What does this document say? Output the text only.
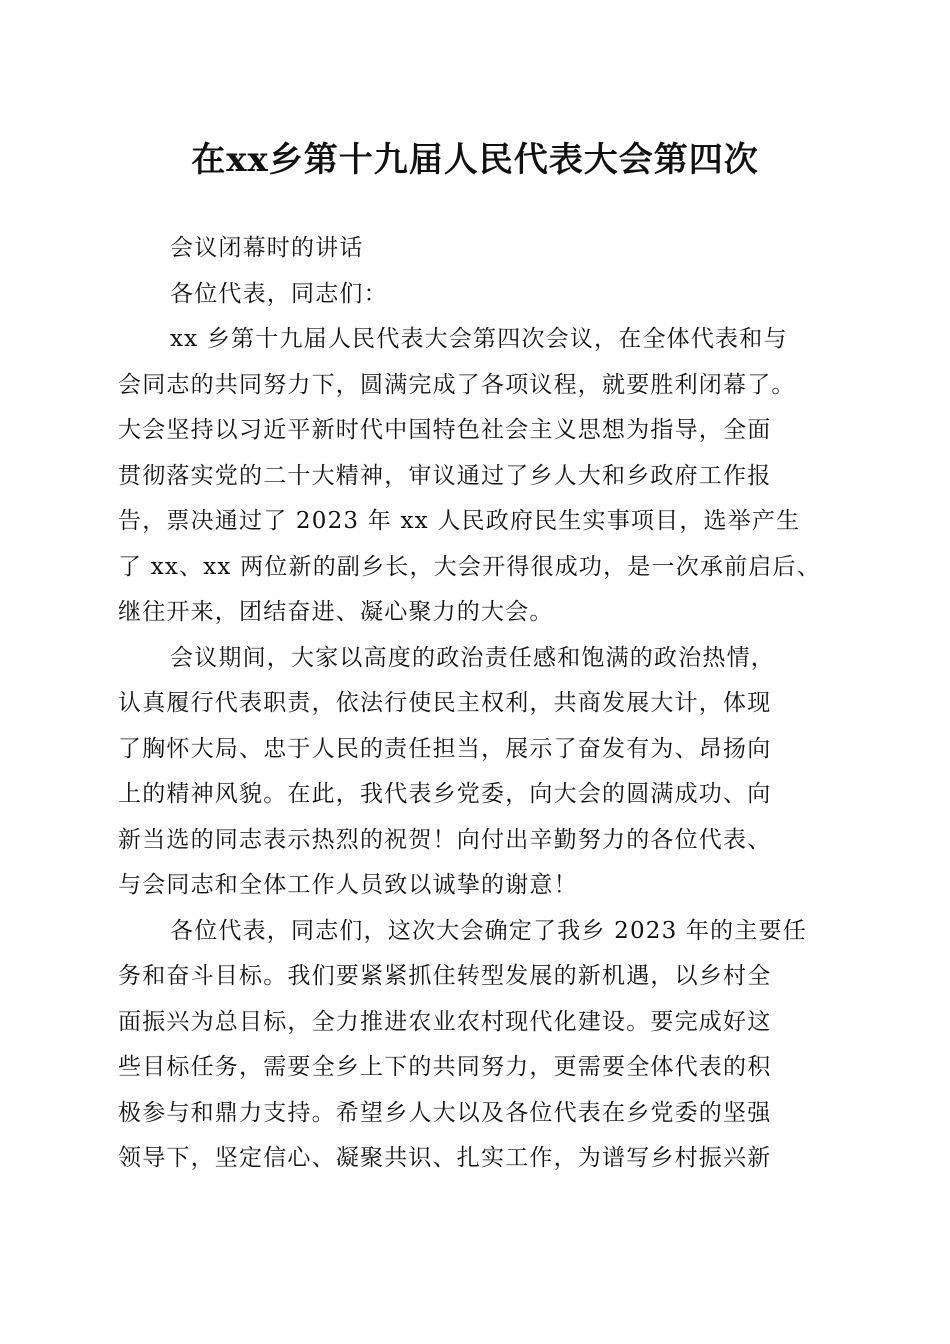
在xx乡第十九届人民代表大会第四次
会议闭幕时的讲话
各位代表，同志们：
xx 乡第十九届人民代表大会第四次会议，在全体代表和与
会同志的共同努力下，圆满完成了各项议程，就要胜利闭幕了。
大会坚持以习近平新时代中国特色社会主义思想为指导，全面
贯彻落实党的二十大精神，审议通过了乡人大和乡政府工作报
告，票决通过了 2023 年 xx 人民政府民生实事项目，选举产生
了 xx、xx 两位新的副乡长，大会开得很成功，是一次承前启后、
继往开来，团结奋进、凝心聚力的大会。
会议期间，大家以高度的政治责任感和饱满的政治热情，
认真履行代表职责，依法行使民主权利，共商发展大计，体现
了胸怀大局、忠于人民的责任担当，展示了奋发有为、昂扬向
上的精神风貌。在此，我代表乡党委，向大会的圆满成功、向
新当选的同志表示热烈的祝贺！向付出辛勤努力的各位代表、
与会同志和全体工作人员致以诚挚的谢意！
各位代表，同志们，这次大会确定了我乡 2023 年的主要任
务和奋斗目标。我们要紧紧抓住转型发展的新机遇，以乡村全
面振兴为总目标，全力推进农业农村现代化建设。要完成好这
些目标任务，需要全乡上下的共同努力，更需要全体代表的积
极参与和鼎力支持。希望乡人大以及各位代表在乡党委的坚强
领导下，坚定信心、凝聚共识、扎实工作，为谱写乡村振兴新
